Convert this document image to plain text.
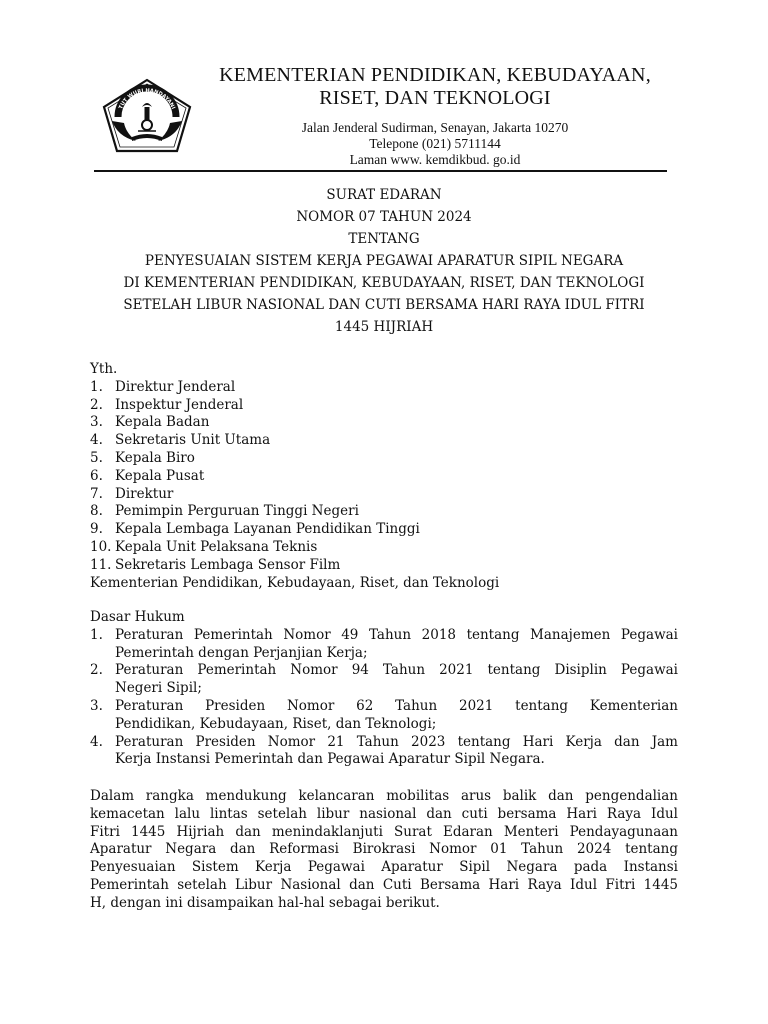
TUT WURI HANDAYANI
KEMENTERIAN PENDIDIKAN, KEBUDAYAAN,
RISET, DAN TEKNOLOGI
Jalan Jenderal Sudirman, Senayan, Jakarta 10270
Telepone (021) 5711144
Laman www. kemdikbud. go.id
SURAT EDARAN
NOMOR 07 TAHUN 2024
TENTANG
PENYESUAIAN SISTEM KERJA PEGAWAI APARATUR SIPIL NEGARA
DI KEMENTERIAN PENDIDIKAN, KEBUDAYAAN, RISET, DAN TEKNOLOGI
SETELAH LIBUR NASIONAL DAN CUTI BERSAMA HARI RAYA IDUL FITRI
1445 HIJRIAH
Yth.
1. Direktur Jenderal
2. Inspektur Jenderal
3. Kepala Badan
4. Sekretaris Unit Utama
5. Kepala Biro
6. Kepala Pusat
7. Direktur
8. Pemimpin Perguruan Tinggi Negeri
9. Kepala Lembaga Layanan Pendidikan Tinggi
10. Kepala Unit Pelaksana Teknis
11. Sekretaris Lembaga Sensor Film
Kementerian Pendidikan, Kebudayaan, Riset, dan Teknologi
Dasar Hukum
1. Peraturan Pemerintah Nomor 49 Tahun 2018 tentang Manajemen Pegawai
Pemerintah dengan Perjanjian Kerja;
2. Peraturan Pemerintah Nomor 94 Tahun 2021 tentang Disiplin Pegawai
Negeri Sipil;
3. Peraturan Presiden Nomor 62 Tahun 2021 tentang Kementerian
Pendidikan, Kebudayaan, Riset, dan Teknologi;
4. Peraturan Presiden Nomor 21 Tahun 2023 tentang Hari Kerja dan Jam
Kerja Instansi Pemerintah dan Pegawai Aparatur Sipil Negara.
Dalam rangka mendukung kelancaran mobilitas arus balik dan pengendalian
kemacetan lalu lintas setelah libur nasional dan cuti bersama Hari Raya Idul
Fitri 1445 Hijriah dan menindaklanjuti Surat Edaran Menteri Pendayagunaan
Aparatur Negara dan Reformasi Birokrasi Nomor 01 Tahun 2024 tentang
Penyesuaian Sistem Kerja Pegawai Aparatur Sipil Negara pada Instansi
Pemerintah setelah Libur Nasional dan Cuti Bersama Hari Raya Idul Fitri 1445
H, dengan ini disampaikan hal-hal sebagai berikut.
